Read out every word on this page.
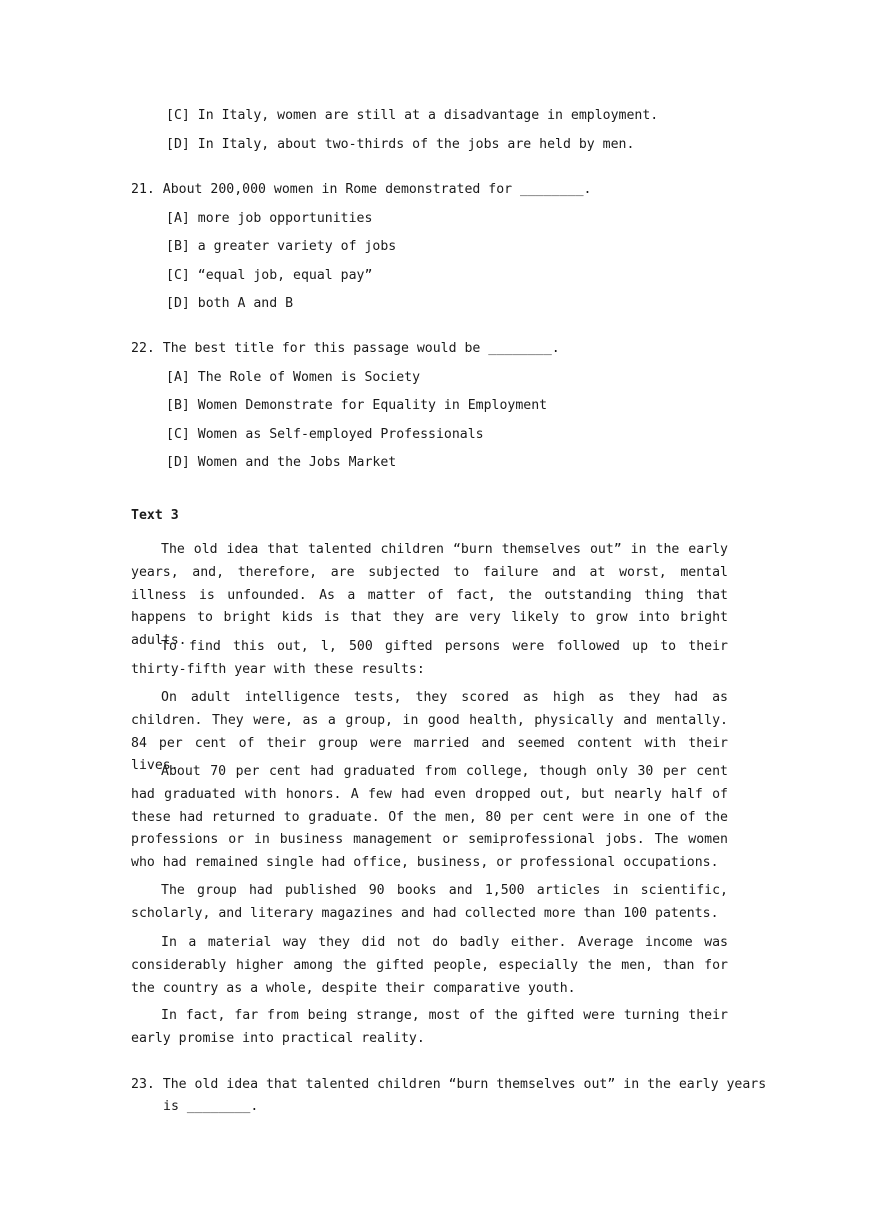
[C] In Italy, women are still at a disadvantage in employment.
[D] In Italy, about two-thirds of the jobs are held by men.
21. About 200,000 women in Rome demonstrated for ________.
[A] more job opportunities
[B] a greater variety of jobs
[C] “equal job, equal pay”
[D] both A and B
22. The best title for this passage would be ________.
[A] The Role of Women is Society
[B] Women Demonstrate for Equality in Employment
[C] Women as Self-employed Professionals
[D] Women and the Jobs Market
Text 3

The old idea that talented children “burn themselves out” in the early years, and, therefore, are subjected to failure and at worst, mental illness is unfounded. As a matter of fact, the outstanding thing that happens to bright kids is that they are very likely to grow into bright adults.

To find this out, l, 500 gifted persons were followed up to their thirty-fifth year with these results:

On adult intelligence tests, they scored as high as they had as children. They were, as a group, in good health, physically and mentally. 84 per cent of their group were married and seemed content with their lives.

About 70 per cent had graduated from college, though only 30 per cent had graduated with honors. A few had even dropped out, but nearly half of these had returned to graduate. Of the men, 80 per cent were in one of the professions or in business management or semiprofessional jobs. The women who had remained single had office, business, or professional occupations.

The group had published 90 books and 1,500 articles in scientific, scholarly, and literary magazines and had collected more than 100 patents.

In a material way they did not do badly either. Average income was considerably higher among the gifted people, especially the men, than for the country as a whole, despite their comparative youth.

In fact, far from being strange, most of the gifted were turning their early promise into practical reality.

23. The old idea that talented children “burn themselves out” in the early years
is ________.
